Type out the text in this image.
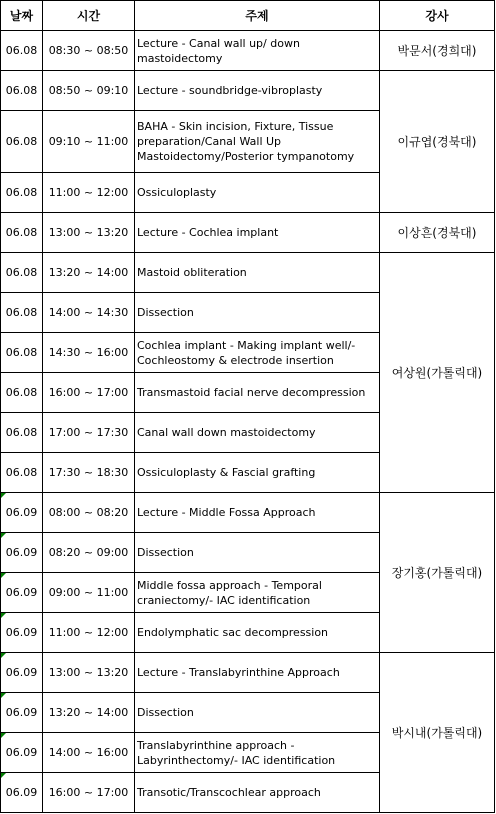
날짜	시간	주제	강사
06.08	08:30 ~ 08:50	Lecture - Canal wall up/ down mastoidectomy	박문서(경희대)
06.08	08:50 ~ 09:10	Lecture - soundbridge-vibroplasty	이규엽(경북대)
06.08	09:10 ~ 11:00	BAHA - Skin incision, Fixture, Tissue preparation/Canal Wall Up Mastoidectomy/Posterior tympanotomy	
06.08	11:00 ~ 12:00	Ossiculoplasty	
06.08	13:00 ~ 13:20	Lecture - Cochlea implant	이상흔(경북대)
06.08	13:20 ~ 14:00	Mastoid obliteration	여상원(가톨릭대)
06.08	14:00 ~ 14:30	Dissection	
06.08	14:30 ~ 16:00	Cochlea implant - Making implant well/- Cochleostomy & electrode insertion	
06.08	16:00 ~ 17:00	Transmastoid facial nerve decompression	
06.08	17:00 ~ 17:30	Canal wall down mastoidectomy	
06.08	17:30 ~ 18:30	Ossiculoplasty & Fascial grafting	

06.09	08:00 ~ 08:20	Lecture - Middle Fossa Approach	장기홍(가톨릭대)

06.09	08:20 ~ 09:00	Dissection	

06.09	09:00 ~ 11:00	Middle fossa approach - Temporal craniectomy/- IAC identification	

06.09	11:00 ~ 12:00	Endolymphatic sac decompression	

06.09	13:00 ~ 13:20	Lecture - Translabyrinthine Approach	박시내(가톨릭대)

06.09	13:20 ~ 14:00	Dissection	

06.09	14:00 ~ 16:00	Translabyrinthine approach - Labyrinthectomy/- IAC identification	

06.09	16:00 ~ 17:00	Transotic/Transcochlear approach	
